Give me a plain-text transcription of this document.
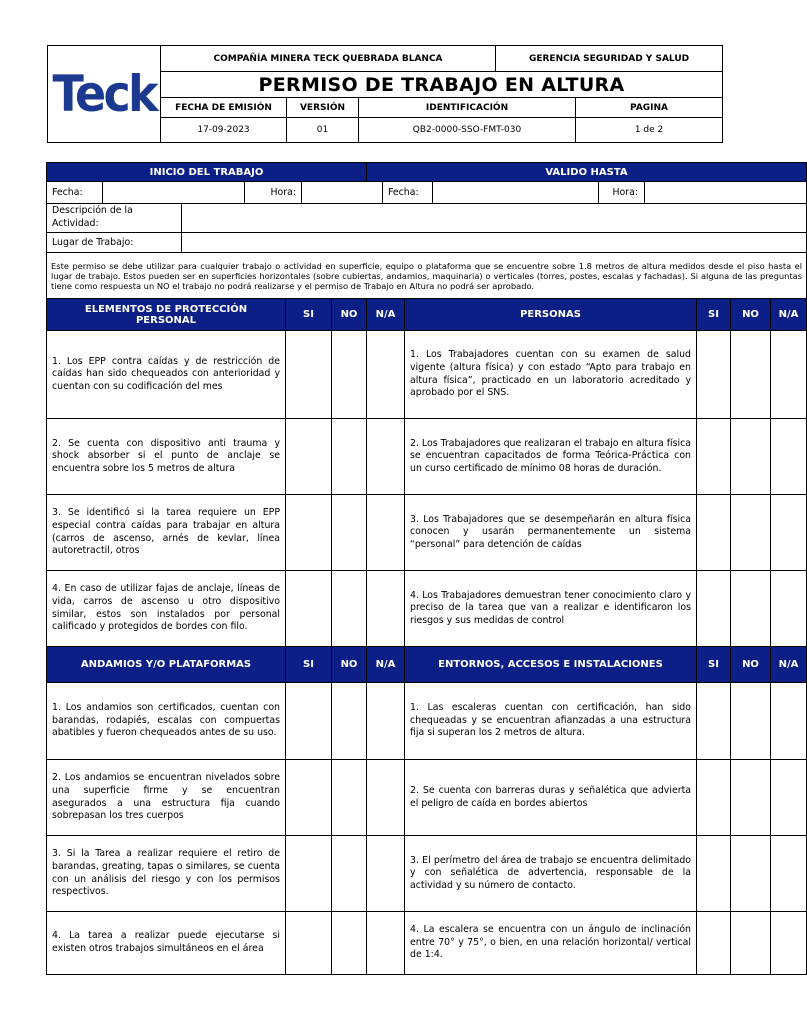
Teck	COMPAÑÍA MINERA TECK QUEBRADA BLANCA			GERENCIA SEGURIDAD Y SALUD	
	PERMISO DE TRABAJO EN ALTURA				
	FECHA DE EMISIÓN	VERSIÓN	IDENTIFICACIÓN		PAGINA
	17-09-2023	01	QB2-0000-SSO-FMT-030		1 de 2
INICIO DEL TRABAJO			VALIDO HASTA				

Fecha: Hora: Fecha: Hora:							

Descripción de la Actividad:							

Lugar de Trabajo:							

Este permiso se debe utilizar para cualquier trabajo o actividad en superficie, equipo o plataforma que se encuentre sobre 1.8 metros de altura medidos desde el piso hasta el lugar de trabajo. Estos pueden ser en superficies horizontales (sobre cubiertas, andamios, maquinaria) o verticales (torres, postes, escalas y fachadas). Si alguna de las preguntas tiene como respuesta un NO el trabajo no podrá realizarse y el permiso de Trabajo en Altura no podrá ser aprobado.							
ELEMENTOS DE PROTECCIÓN PERSONAL	SI	NO	N/A	PERSONAS	SI	NO	N/A
1. Los EPP contra caídas y de restricción de caídas han sido chequeados con anterioridad y cuentan con su codificación del mes				1. Los Trabajadores cuentan con su examen de salud vigente (altura física) y con estado “Apto para trabajo en altura física”, practicado en un laboratorio acreditado y aprobado por el SNS.			
2. Se cuenta con dispositivo anti trauma y shock absorber si el punto de anclaje se encuentra sobre los 5 metros de altura				2. Los Trabajadores que realizaran el trabajo en altura física se encuentran capacitados de forma Teórica-Práctica con un curso certificado de mínimo 08 horas de duración.			
3. Se identificó si la tarea requiere un EPP especial contra caídas para trabajar en altura (carros de ascenso, arnés de kevlar, línea autoretractil, otros				3. Los Trabajadores que se desempeñarán en altura física conocen y usarán permanentemente un sistema “personal” para detención de caídas			
4. En caso de utilizar fajas de anclaje, líneas de vida, carros de ascenso u otro dispositivo similar, estos son instalados por personal calificado y protegidos de bordes con filo.				4. Los Trabajadores demuestran tener conocimiento claro y preciso de la tarea que van a realizar e identificaron los riesgos y sus medidas de control			
ANDAMIOS Y/O PLATAFORMAS	SI	NO	N/A	ENTORNOS, ACCESOS E INSTALACIONES	SI	NO	N/A
1. Los andamios son certificados, cuentan con barandas, rodapiés, escalas con compuertas abatibles y fueron chequeados antes de su uso.				1. Las escaleras cuentan con certificación, han sido chequeadas y se encuentran afianzadas a una estructura fija si superan los 2 metros de altura.			
2. Los andamios se encuentran nivelados sobre una superficie firme y se encuentran asegurados a una estructura fija cuando sobrepasan los tres cuerpos				2. Se cuenta con barreras duras y señalética que advierta el peligro de caída en bordes abiertos			
3. Si la Tarea a realizar requiere el retiro de barandas, greating, tapas o similares, se cuenta con un análisis del riesgo y con los permisos respectivos.				3. El perímetro del área de trabajo se encuentra delimitado y con señalética de advertencia, responsable de la actividad y su número de contacto.			
4. La tarea a realizar puede ejecutarse si existen otros trabajos simultáneos en el área				4. La escalera se encuentra con un ángulo de inclinación entre 70° y 75°, o bien, en una relación horizontal/ vertical de 1:4.			
